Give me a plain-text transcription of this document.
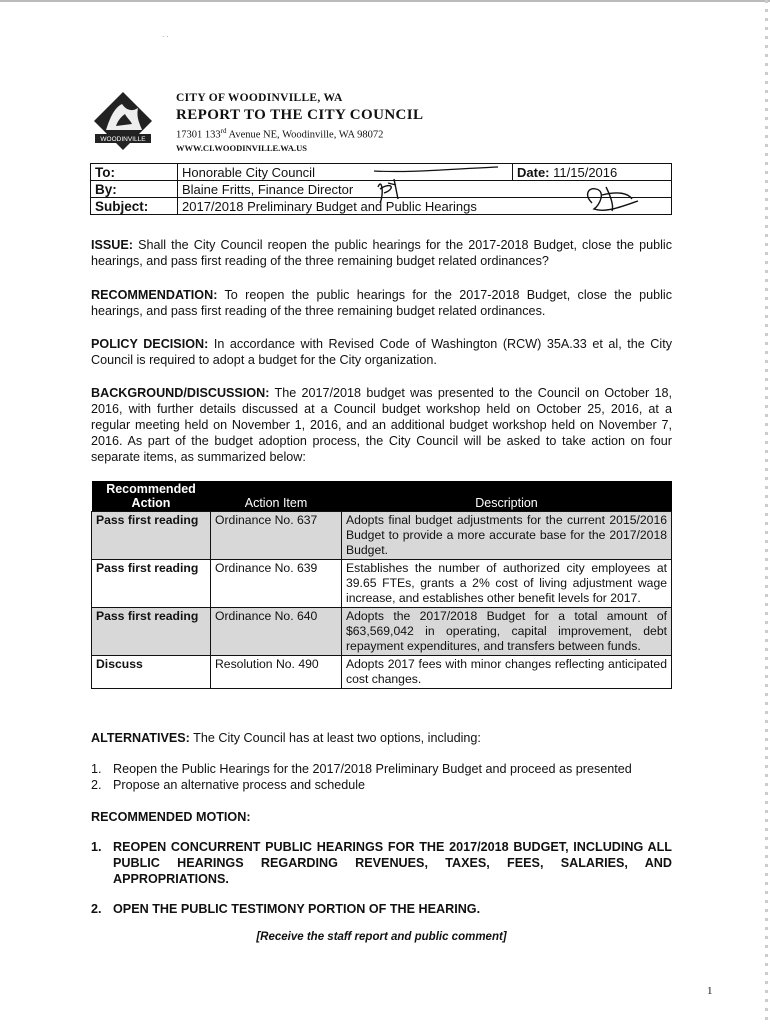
. .
WOODINVILLE
CITY OF WOODINVILLE, WA
REPORT TO THE CITY COUNCIL
17301 133rd Avenue NE, Woodinville, WA 98072
WWW.CI.WOODINVILLE.WA.US
To:	Honorable City Council	Date: 11/15/2016
By:	Blaine Fritts, Finance Director	
Subject:	2017/2018 Preliminary Budget and Public Hearings	
ISSUE: Shall the City Council reopen the public hearings for the 2017-2018 Budget, close the public hearings, and pass first reading of the three remaining budget related ordinances?
RECOMMENDATION: To reopen the public hearings for the 2017-2018 Budget, close the public hearings, and pass first reading of the three remaining budget related ordinances.
POLICY DECISION: In accordance with Revised Code of Washington (RCW) 35A.33 et al, the City Council is required to adopt a budget for the City organization.
BACKGROUND/DISCUSSION: The 2017/2018 budget was presented to the Council on October 18, 2016, with further details discussed at a Council budget workshop held on October 25, 2016, at a regular meeting held on November 1, 2016, and an additional budget workshop held on November 7, 2016. As part of the budget adoption process, the City Council will be asked to take action on four separate items, as summarized below:
Recommended Action	Action Item	Description
Pass first reading	Ordinance No. 637	Adopts final budget adjustments for the current 2015/2016 Budget to provide a more accurate base for the 2017/2018 Budget.
Pass first reading	Ordinance No. 639	Establishes the number of authorized city employees at 39.65 FTEs, grants a 2% cost of living adjustment wage increase, and establishes other benefit levels for 2017.
Pass first reading	Ordinance No. 640	Adopts the 2017/2018 Budget for a total amount of $63,569,042 in operating, capital improvement, debt repayment expenditures, and transfers between funds.
Discuss	Resolution No. 490	Adopts 2017 fees with minor changes reflecting anticipated cost changes.
ALTERNATIVES: The City Council has at least two options, including:
1. Reopen the Public Hearings for the 2017/2018 Preliminary Budget and proceed as presented
2. Propose an alternative process and schedule
RECOMMENDED MOTION:
1. REOPEN CONCURRENT PUBLIC HEARINGS FOR THE 2017/2018 BUDGET, INCLUDING ALL PUBLIC HEARINGS REGARDING REVENUES, TAXES, FEES, SALARIES, AND APPROPRIATIONS.
2. OPEN THE PUBLIC TESTIMONY PORTION OF THE HEARING.
[Receive the staff report and public comment]
1
